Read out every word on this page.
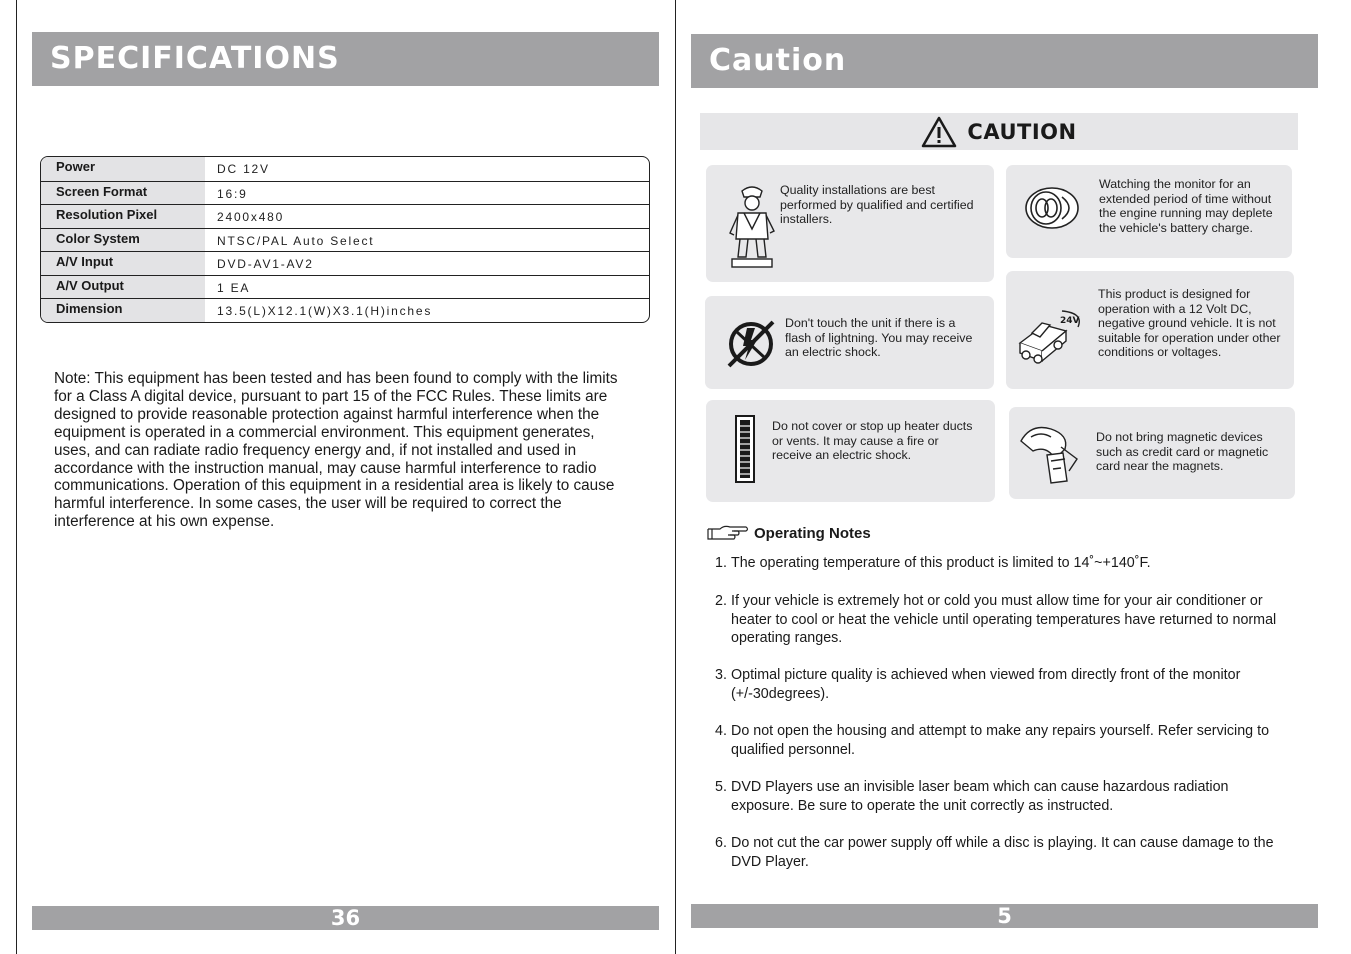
SPECIFICATIONS
Power	DC 12V
Screen Format	16:9
Resolution Pixel	2400x480
Color System	NTSC/PAL Auto Select
A/V Input	DVD-AV1-AV2
A/V Output	1 EA
Dimension	13.5(L)X12.1(W)X3.1(H)inches

Note: This equipment has been tested and has been found to comply with the limits for a Class A digital device, pursuant to part 15 of the FCC Rules. These limits are designed to provide reasonable protection against harmful interference when the equipment is operated in a commercial environment. This equipment generates, uses, and can radiate radio frequency energy and, if not installed and used in accordance with the instruction manual, may cause harmful interference to radio communications. Operation of this equipment in a residential area is likely to cause harmful interference. In some cases, the user will be required to correct the interference at his own expense.

36
Caution
CAUTION

Quality installations are best performed by qualified and certified installers.

Watching the monitor for an extended period of time without the engine running may deplete the vehicle's battery charge.

Don't touch the unit if there is a flash of lightning. You may receive an electric shock.

24V

This product is designed for operation with a 12 Volt DC, negative ground vehicle. It is not suitable for operation under other conditions or voltages.

Do not cover or stop up heater ducts or vents. It may cause a fire or receive an electric shock.

Do not bring magnetic devices such as credit card or magnetic card near the magnets.

Operating Notes
1. The operating temperature of this product is limited to 14˚~+140˚F.
2. If your vehicle is extremely hot or cold you must allow time for your air conditioner or heater to cool or heat the vehicle until operating temperatures have returned to normal operating ranges.
3. Optimal picture quality is achieved when viewed from directly front of the monitor (+/-30degrees).
4. Do not open the housing and attempt to make any repairs yourself. Refer servicing to qualified personnel.
5. DVD Players use an invisible laser beam which can cause hazardous radiation exposure. Be sure to operate the unit correctly as instructed.
6. Do not cut the car power supply off while a disc is playing. It can cause damage to the DVD Player.
5
